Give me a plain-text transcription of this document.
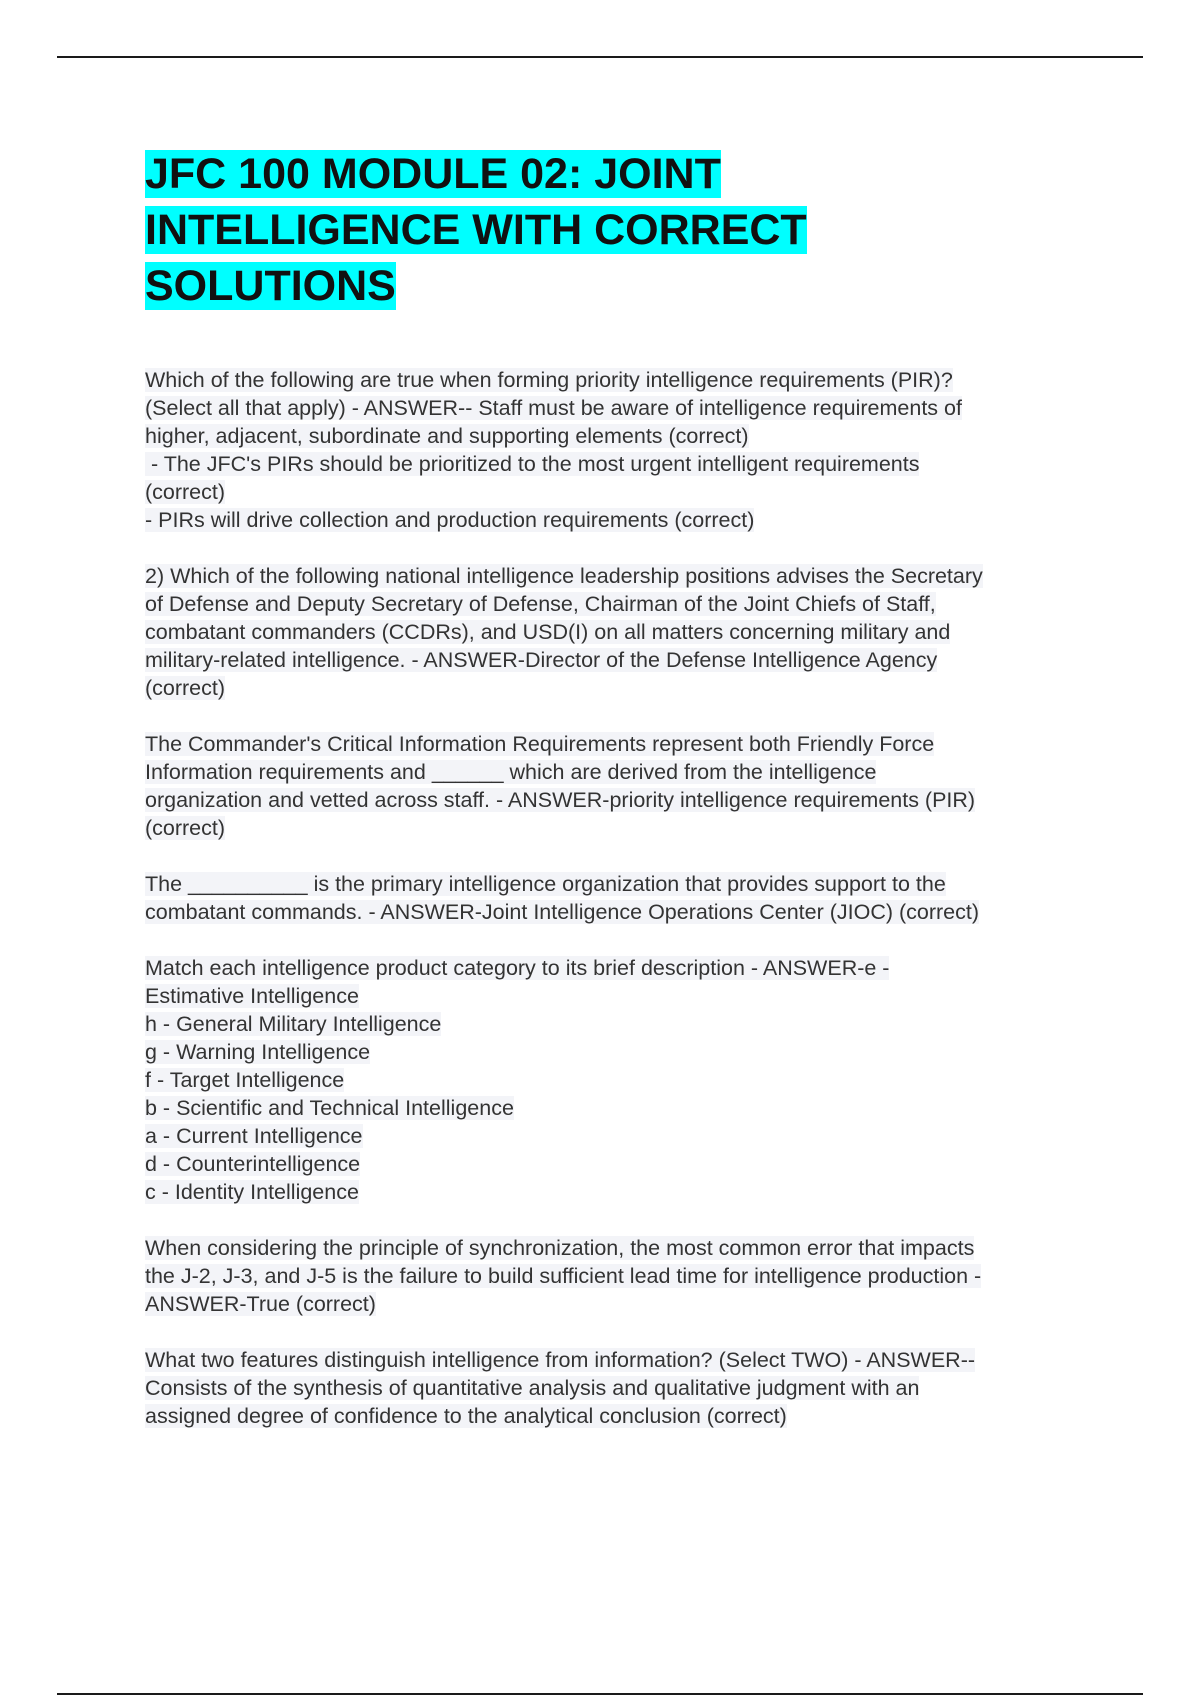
JFC 100 MODULE 02: JOINT
INTELLIGENCE WITH CORRECT
SOLUTIONS
Which of the following are true when forming priority intelligence requirements (PIR)?
(Select all that apply) - ANSWER-- Staff must be aware of intelligence requirements of
higher, adjacent, subordinate and supporting elements (correct)
- The JFC's PIRs should be prioritized to the most urgent intelligent requirements
(correct)
- PIRs will drive collection and production requirements (correct)
2) Which of the following national intelligence leadership positions advises the Secretary
of Defense and Deputy Secretary of Defense, Chairman of the Joint Chiefs of Staff,
combatant commanders (CCDRs), and USD(I) on all matters concerning military and
military-related intelligence. - ANSWER-Director of the Defense Intelligence Agency
(correct)
The Commander's Critical Information Requirements represent both Friendly Force
Information requirements and ______ which are derived from the intelligence
organization and vetted across staff. - ANSWER-priority intelligence requirements (PIR)
(correct)
The __________ is the primary intelligence organization that provides support to the
combatant commands. - ANSWER-Joint Intelligence Operations Center (JIOC) (correct)
Match each intelligence product category to its brief description - ANSWER-e -
Estimative Intelligence
h - General Military Intelligence
g - Warning Intelligence
f - Target Intelligence
b - Scientific and Technical Intelligence
a - Current Intelligence
d - Counterintelligence
c - Identity Intelligence
When considering the principle of synchronization, the most common error that impacts
the J-2, J-3, and J-5 is the failure to build sufficient lead time for intelligence production -
ANSWER-True (correct)
What two features distinguish intelligence from information? (Select TWO) - ANSWER--
Consists of the synthesis of quantitative analysis and qualitative judgment with an
assigned degree of confidence to the analytical conclusion (correct)
